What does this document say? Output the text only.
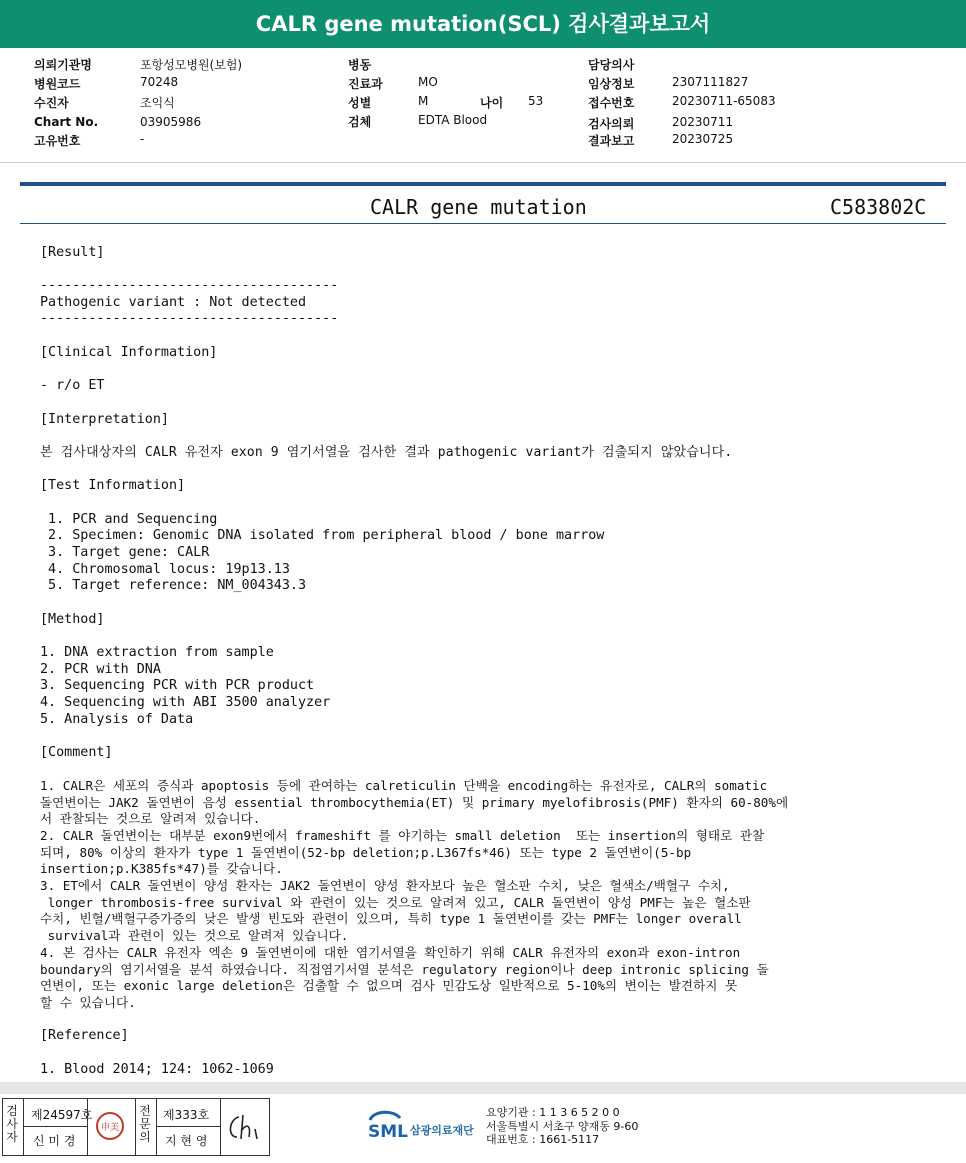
CALR gene mutation(SCL) 검사결과보고서
의뢰기관명	포항성모병원(보험)
병원코드	70248
수진자	조익식
Chart No.	03905986
고유번호	-
병동
진료과	MO
성별	M	나이 53
검체	EDTA Blood
담당의사
임상정보	2307111827
접수번호	20230711-65083
검사의뢰	20230711
결과보고	20230725
CALR gene mutation	C583802C
[Result]
-------------------------------------
Pathogenic variant : Not detected
-------------------------------------
[Clinical Information]
- r/o ET
[Interpretation]
본 검사대상자의 CALR 유전자 exon 9 염기서열을 검사한 결과 pathogenic variant가 검출되지 않았습니다.
[Test Information]
1. PCR and Sequencing
2. Specimen: Genomic DNA isolated from peripheral blood / bone marrow
3. Target gene: CALR
4. Chromosomal locus: 19p13.13
5. Target reference: NM_004343.3
[Method]
1. DNA extraction from sample
2. PCR with DNA
3. Sequencing PCR with PCR product
4. Sequencing with ABI 3500 analyzer
5. Analysis of Data
[Comment]
1. CALR은 세포의 증식과 apoptosis 등에 관여하는 calreticulin 단백을 encoding하는 유전자로, CALR의 somatic
돌연변이는 JAK2 돌연변이 음성 essential thrombocythemia(ET) 및 primary myelofibrosis(PMF) 환자의 60-80%에
서 관찰되는 것으로 알려져 있습니다.
2. CALR 돌연변이는 대부분 exon9번에서 frameshift 를 야기하는 small deletion  또는 insertion의 형태로 관찰
되며, 80% 이상의 환자가 type 1 돌연변이(52-bp deletion;p.L367fs*46) 또는 type 2 돌연변이(5-bp
insertion;p.K385fs*47)를 갖습니다.
3. ET에서 CALR 돌연변이 양성 환자는 JAK2 돌연변이 양성 환자보다 높은 혈소판 수치, 낮은 혈색소/백혈구 수치,
longer thrombosis-free survival 와 관련이 있는 것으로 알려져 있고, CALR 돌연변이 양성 PMF는 높은 혈소판
수치, 빈혈/백혈구증가증의 낮은 발생 빈도와 관련이 있으며, 특히 type 1 돌연변이를 갖는 PMF는 longer overall
survival과 관련이 있는 것으로 알려져 있습니다.
4. 본 검사는 CALR 유전자 엑손 9 돌연변이에 대한 염기서열을 확인하기 위해 CALR 유전자의 exon과 exon-intron
boundary의 염기서열을 분석 하였습니다. 직접염기서열 분석은 regulatory region이나 deep intronic splicing 돌
연변이, 또는 exonic large deletion은 검출할 수 없으며 검사 민감도상 일반적으로 5-10%의 변이는 발견하지 못
할 수 있습니다.
[Reference]
1. Blood 2014; 124: 1062-1069
검사자
제24597호
신 미 경
申美
전문의
제333호
지 현 영	SML 삼광의료재단
요양기관 : 1 1 3 6 5 2 0 0
서울특별시 서초구 양재동 9-60
대표번호 : 1661-5117
